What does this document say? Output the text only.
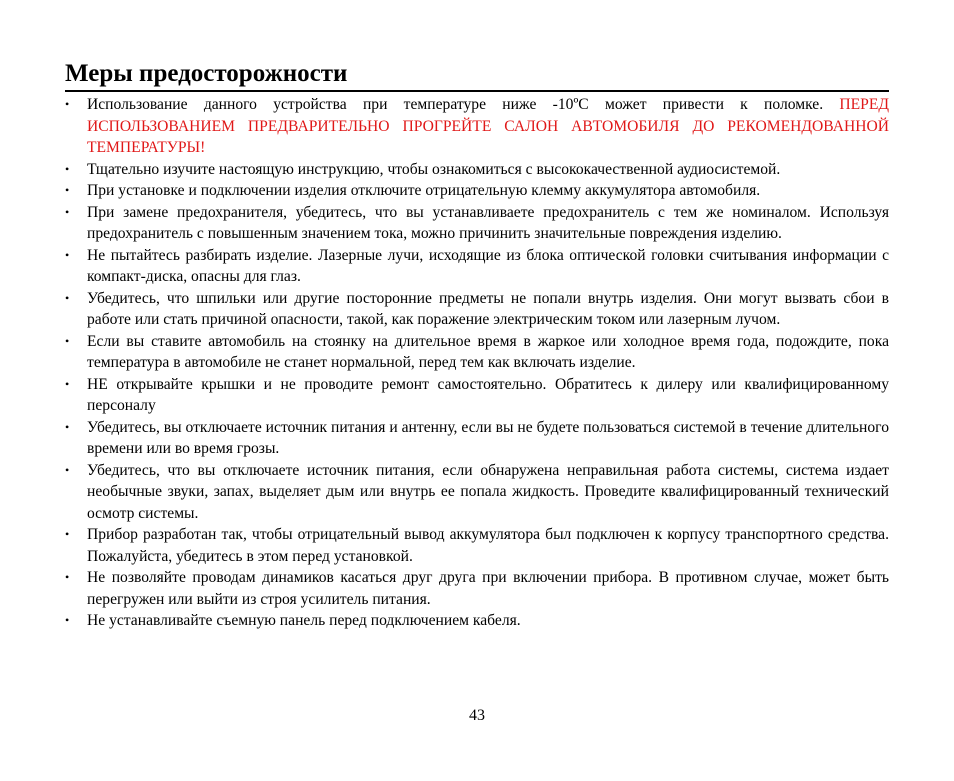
Меры предосторожности
•	Использование данного устройства при температуре ниже -10ºC может привести к поломке. ПЕРЕД ИСПОЛЬЗОВАНИЕМ ПРЕДВАРИТЕЛЬНО ПРОГРЕЙТЕ САЛОН АВТОМОБИЛЯ ДО РЕКОМЕНДОВАННОЙ ТЕМПЕРАТУРЫ!
•	Тщательно изучите настоящую инструкцию, чтобы ознакомиться с высококачественной аудиосистемой.
•	При установке и подключении изделия отключите отрицательную клемму аккумулятора автомобиля.
•	При замене предохранителя, убедитесь, что вы устанавливаете предохранитель с тем же номиналом. Используя предохранитель с повышенным значением тока, можно причинить значительные повреждения изделию.
•	Не пытайтесь разбирать изделие. Лазерные лучи, исходящие из блока оптической головки считывания информации с компакт-диска, опасны для глаз.
•	Убедитесь, что шпильки или другие посторонние предметы не попали внутрь изделия. Они могут вызвать сбои в работе или стать причиной опасности, такой, как поражение электрическим током или лазерным лучом.
•	Если вы ставите автомобиль на стоянку на длительное время в жаркое или холодное время года, подождите, пока температура в автомобиле не станет нормальной, перед тем как включать изделие.
•	НЕ открывайте крышки и не проводите ремонт самостоятельно. Обратитесь к дилеру или квалифицированному персоналу
•	Убедитесь, вы отключаете источник питания и антенну, если вы не будете пользоваться системой в течение длительного времени или во время грозы.
•	Убедитесь, что вы отключаете источник питания, если обнаружена неправильная работа системы, система издает необычные звуки, запах, выделяет дым или внутрь ее попала жидкость. Проведите квалифицированный технический осмотр системы.
•	Прибор разработан так, чтобы отрицательный вывод аккумулятора был подключен к корпусу транспортного средства. Пожалуйста, убедитесь в этом перед установкой.
•	Не позволяйте проводам динамиков касаться друг друга при включении прибора. В противном случае, может быть перегружен или выйти из строя усилитель питания.
•	Не устанавливайте съемную панель перед подключением кабеля.
43
